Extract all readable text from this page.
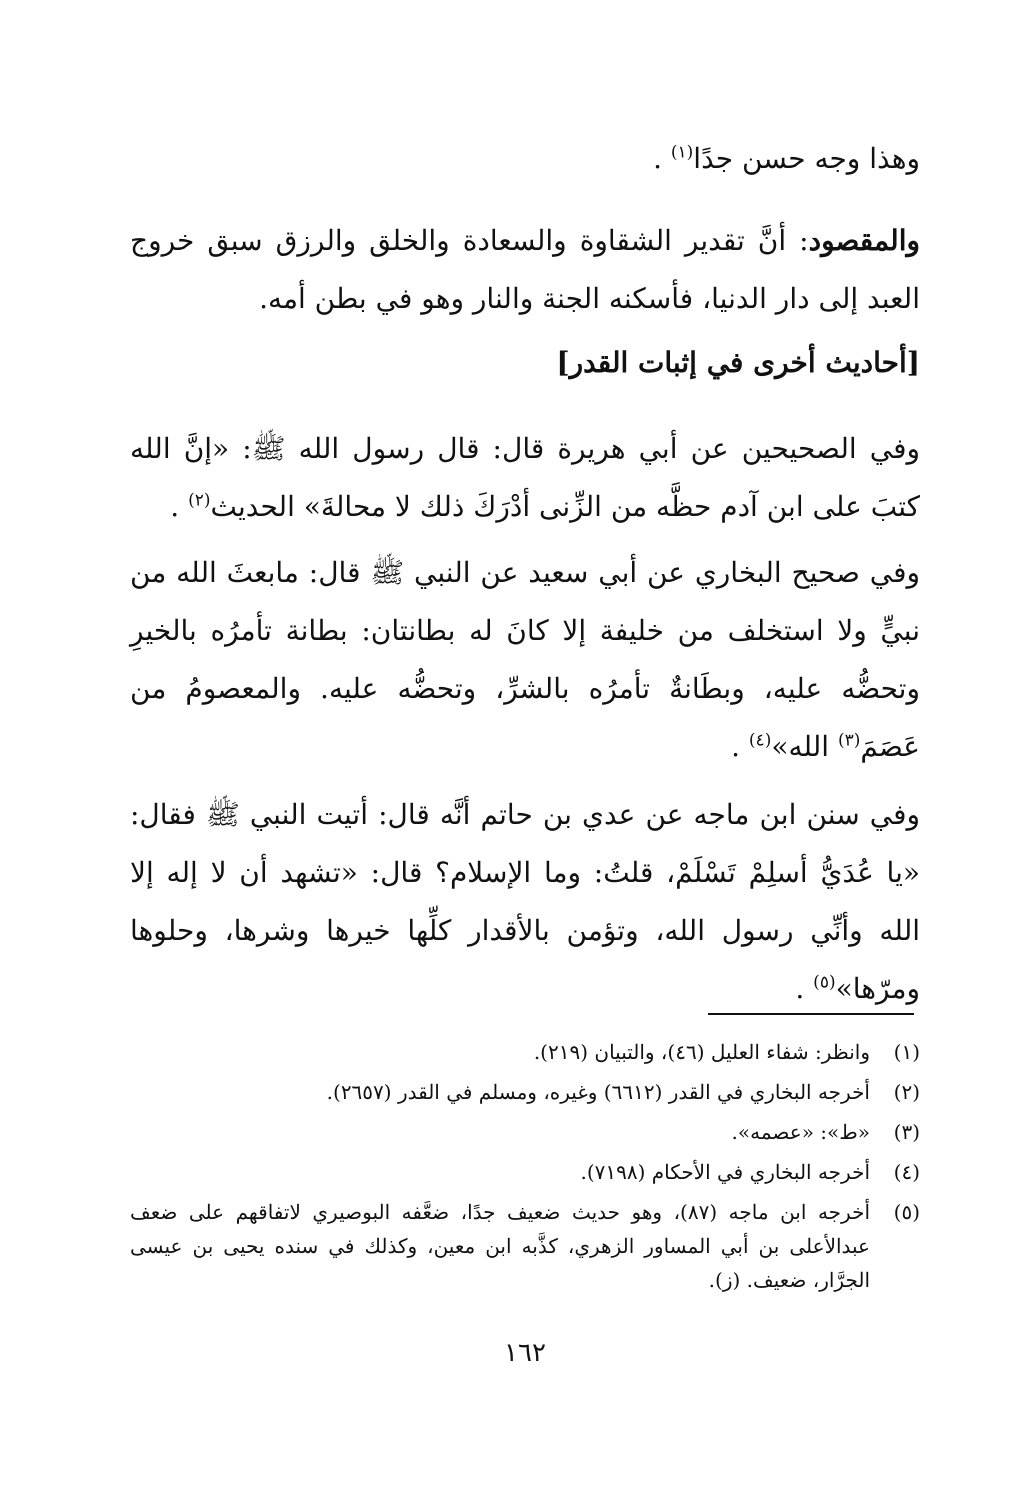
وهذا وجه حسن جدًا$^{(١)}$ .

والمقصود: أنَّ تقدير الشقاوة والسعادة والخلق والرزق سبق خروج العبد إلى دار الدنيا، فأسكنه الجنة والنار وهو في بطن أمه.

[أحاديث أخرى في إثبات القدر]

وفي الصحيحين عن أبي هريرة قال: قال رسول الله ﷺ: «إنَّ الله كتبَ على ابن آدم حظَّه من الزِّنى أدْرَكَ ذلك لا محالةَ» الحديث$^{(٢)}$ .

وفي صحيح البخاري عن أبي سعيد عن النبي ﷺ قال: مابعثَ الله من نبيٍّ ولا استخلف من خليفة إلا كانَ له بطانتان: بطانة تأمرُه بالخيرِ وتحضُّه عليه، وبطَانةٌ تأمرُه بالشرِّ، وتحضُّه عليه. والمعصومُ من عَصَمَ$^{(٣)}$ الله»$^{(٤)}$ .

وفي سنن ابن ماجه عن عدي بن حاتم أنَّه قال: أتيت النبي ﷺ فقال: «يا عُدَيُّ أسلِمْ تَسْلَمْ، قلتُ: وما الإسلام؟ قال: «تشهد أن لا إله إلا الله وأنِّي رسول الله، وتؤمن بالأقدار كلِّها خيرها وشرها، وحلوها ومرّها»$^{(٥)}$ .

(١)
وانظر: شفاء العليل (٤٦)، والتبيان (٢١٩).
(٢)
أخرجه البخاري في القدر (٦٦١٢) وغيره، ومسلم في القدر (٢٦٥٧).
(٣)
«ط»: «عصمه».
(٤)
أخرجه البخاري في الأحكام (٧١٩٨).
(٥)
أخرجه ابن ماجه (٨٧)، وهو حديث ضعيف جدًا، ضعَّفه البوصيري لاتفاقهم على ضعف عبدالأعلى بن أبي المساور الزهري، كذَّبه ابن معين، وكذلك في سنده يحيى بن عيسى الجرَّار، ضعيف. (ز).
١٦٢
